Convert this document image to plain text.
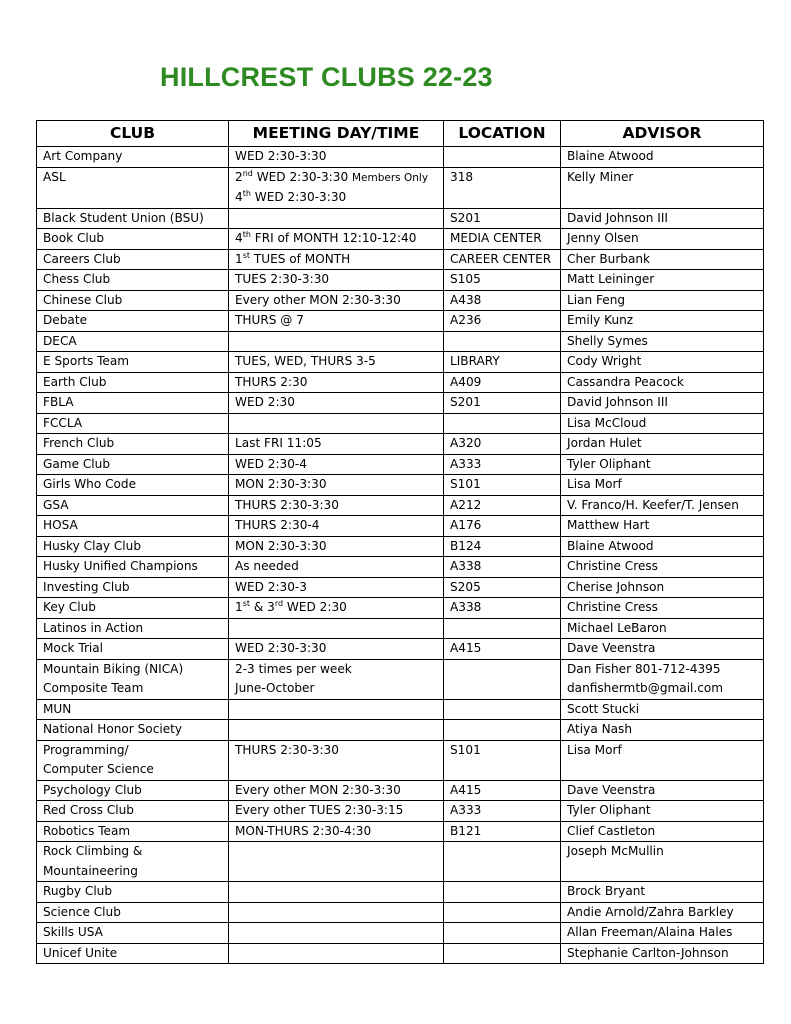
HILLCREST CLUBS 22-23
CLUB	MEETING DAY/TIME	LOCATION	ADVISOR

Art Company	WED 2:30-3:30		Blaine Atwood

ASL	2nd WED 2:30-3:30 Members Only
4th WED 2:30-3:30	318	Kelly Miner

Black Student Union (BSU)		S201	David Johnson III

Book Club	4th FRI of MONTH 12:10-12:40	MEDIA CENTER	Jenny Olsen

Careers Club	1st TUES of MONTH	CAREER CENTER	Cher Burbank

Chess Club	TUES 2:30-3:30	S105	Matt Leininger

Chinese Club	Every other MON 2:30-3:30	A438	Lian Feng

Debate	THURS @ 7	A236	Emily Kunz

DECA			Shelly Symes

E Sports Team	TUES, WED, THURS 3-5	LIBRARY	Cody Wright

Earth Club	THURS 2:30	A409	Cassandra Peacock

FBLA	WED 2:30	S201	David Johnson III

FCCLA			Lisa McCloud

French Club	Last FRI 11:05	A320	Jordan Hulet

Game Club	WED 2:30-4	A333	Tyler Oliphant

Girls Who Code	MON 2:30-3:30	S101	Lisa Morf

GSA	THURS 2:30-3:30	A212	V. Franco/H. Keefer/T. Jensen

HOSA	THURS 2:30-4	A176	Matthew Hart

Husky Clay Club	MON 2:30-3:30	B124	Blaine Atwood

Husky Unified Champions	As needed	A338	Christine Cress

Investing Club	WED 2:30-3	S205	Cherise Johnson

Key Club	1st & 3rd WED 2:30	A338	Christine Cress

Latinos in Action			Michael LeBaron

Mock Trial	WED 2:30-3:30	A415	Dave Veenstra

Mountain Biking (NICA)
Composite Team	2-3 times per week
June-October		Dan Fisher 801-712-4395
danfishermtb@gmail.com

MUN			Scott Stucki

National Honor Society			Atiya Nash

Programming/
Computer Science	THURS 2:30-3:30	S101	Lisa Morf

Psychology Club	Every other MON 2:30-3:30	A415	Dave Veenstra

Red Cross Club	Every other TUES 2:30-3:15	A333	Tyler Oliphant

Robotics Team	MON-THURS 2:30-4:30	B121	Clief Castleton

Rock Climbing &
Mountaineering			Joseph McMullin

Rugby Club			Brock Bryant

Science Club			Andie Arnold/Zahra Barkley

Skills USA			Allan Freeman/Alaina Hales

Unicef Unite			Stephanie Carlton-Johnson
